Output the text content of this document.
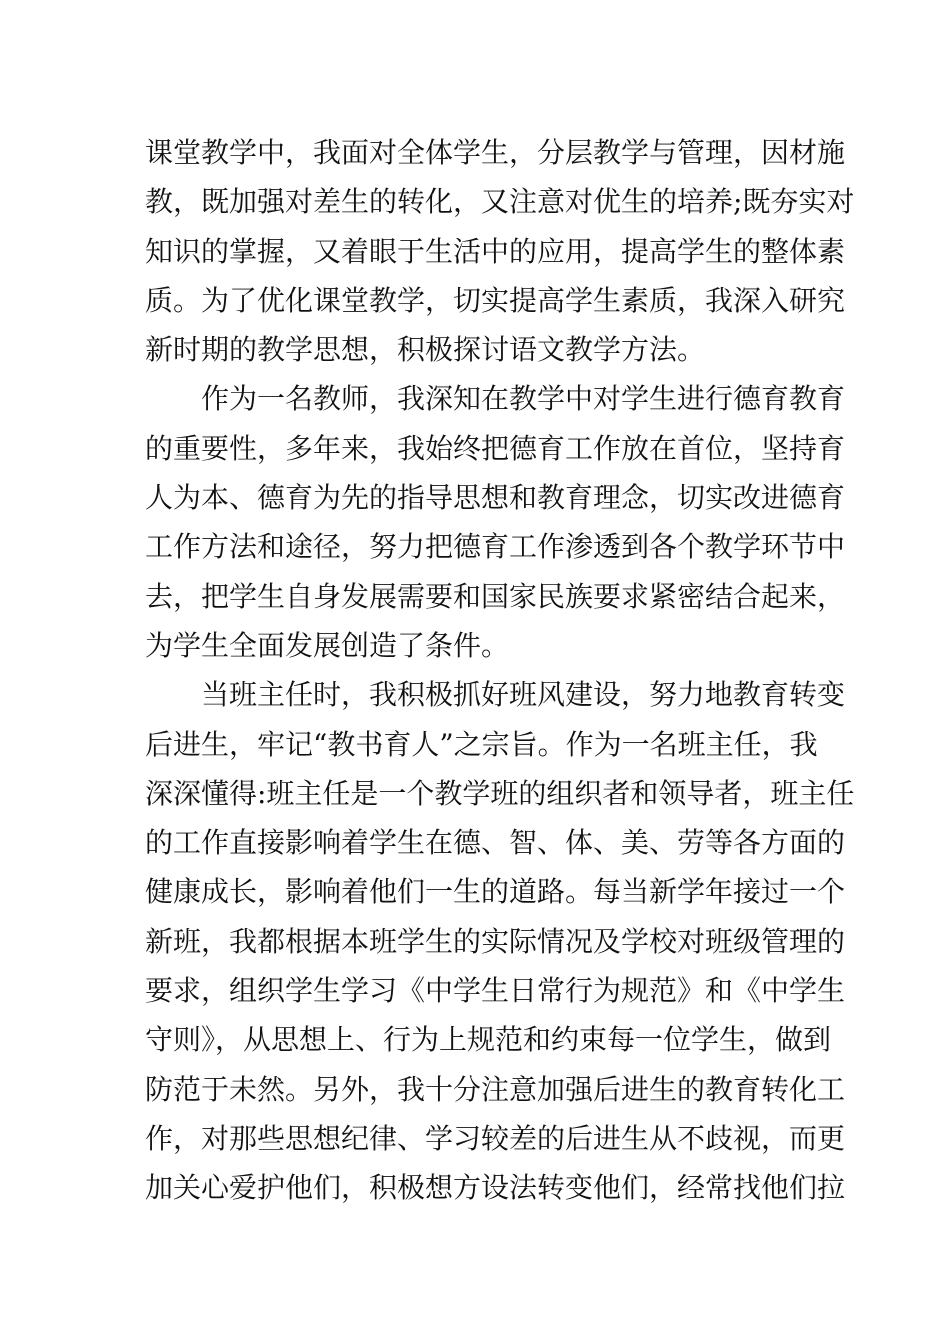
课堂教学中，我面对全体学生，分层教学与管理，因材施
教，既加强对差生的转化，又注意对优生的培养;既夯实对
知识的掌握，又着眼于生活中的应用，提高学生的整体素
质。为了优化课堂教学，切实提高学生素质，我深入研究
新时期的教学思想，积极探讨语文教学方法。
作为一名教师，我深知在教学中对学生进行德育教育
的重要性，多年来，我始终把德育工作放在首位，坚持育
人为本、德育为先的指导思想和教育理念，切实改进德育
工作方法和途径，努力把德育工作渗透到各个教学环节中
去，把学生自身发展需要和国家民族要求紧密结合起来，
为学生全面发展创造了条件。
当班主任时，我积极抓好班风建设，努力地教育转变
后进生，牢记“教书育人”之宗旨。作为一名班主任，我
深深懂得:班主任是一个教学班的组织者和领导者，班主任
的工作直接影响着学生在德、智、体、美、劳等各方面的
健康成长，影响着他们一生的道路。每当新学年接过一个
新班，我都根据本班学生的实际情况及学校对班级管理的
要求，组织学生学习《中学生日常行为规范》和《中学生
守则》，从思想上、行为上规范和约束每一位学生，做到
防范于未然。另外，我十分注意加强后进生的教育转化工
作，对那些思想纪律、学习较差的后进生从不歧视，而更
加关心爱护他们，积极想方设法转变他们，经常找他们拉
